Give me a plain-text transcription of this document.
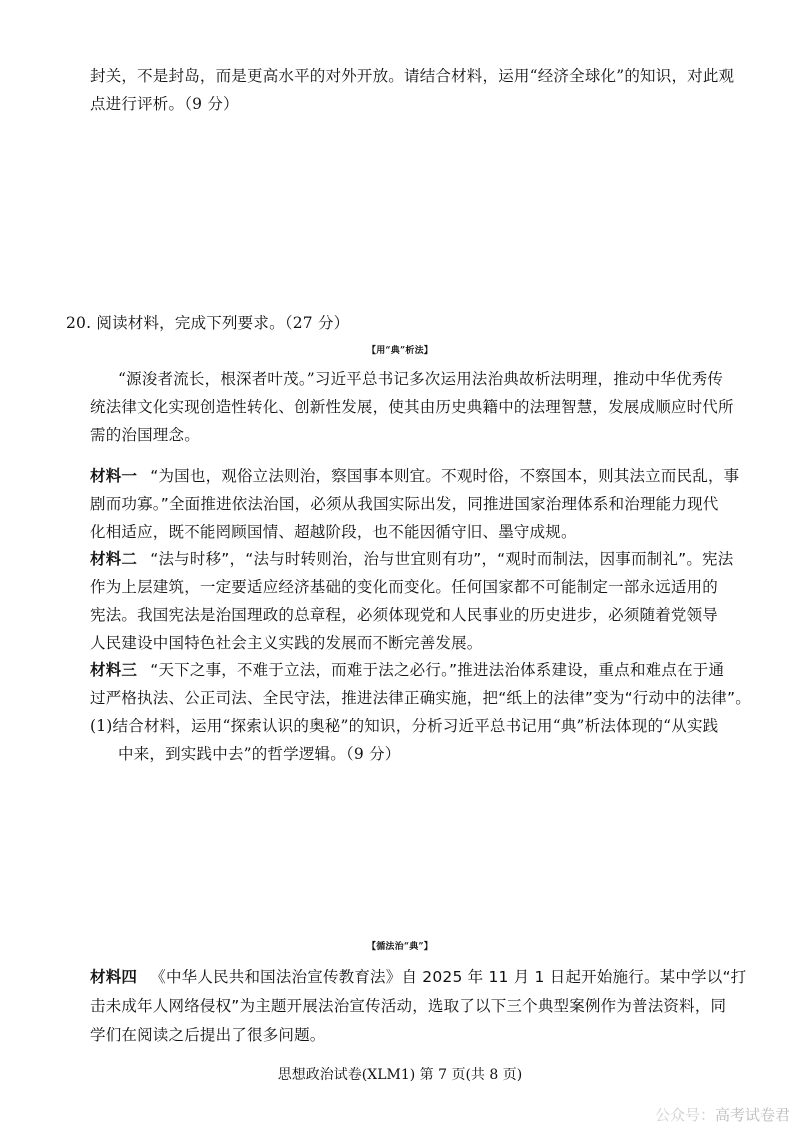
封关，不是封岛，而是更高水平的对外开放。请结合材料，运用“经济全球化”的知识，对此观
点进行评析。（9 分）
20. 阅读材料，完成下列要求。（27 分）
【用“典”析法】
“源浚者流长，根深者叶茂。”习近平总书记多次运用法治典故析法明理，推动中华优秀传
统法律文化实现创造性转化、创新性发展，使其由历史典籍中的法理智慧，发展成顺应时代所
需的治国理念。
材料一 “为国也，观俗立法则治，察国事本则宜。不观时俗，不察国本，则其法立而民乱，事
剧而功寡。”全面推进依法治国，必须从我国实际出发，同推进国家治理体系和治理能力现代
化相适应，既不能罔顾国情、超越阶段，也不能因循守旧、墨守成规。
材料二 “法与时移”，“法与时转则治，治与世宜则有功”，“观时而制法，因事而制礼”。宪法
作为上层建筑，一定要适应经济基础的变化而变化。任何国家都不可能制定一部永远适用的
宪法。我国宪法是治国理政的总章程，必须体现党和人民事业的历史进步，必须随着党领导
人民建设中国特色社会主义实践的发展而不断完善发展。
材料三 “天下之事，不难于立法，而难于法之必行。”推进法治体系建设，重点和难点在于通
过严格执法、公正司法、全民守法，推进法律正确实施，把“纸上的法律”变为“行动中的法律”。
(1)结合材料，运用“探索认识的奥秘”的知识，分析习近平总书记用“典”析法体现的“从实践
中来，到实践中去”的哲学逻辑。（9 分）
【循法治“典”】
材料四 《中华人民共和国法治宣传教育法》自 2025 年 11 月 1 日起开始施行。某中学以“打
击未成年人网络侵权”为主题开展法治宣传活动，选取了以下三个典型案例作为普法资料，同
学们在阅读之后提出了很多问题。
思想政治试卷(XLM1) 第 7 页(共 8 页)
公众号：高考试卷君
